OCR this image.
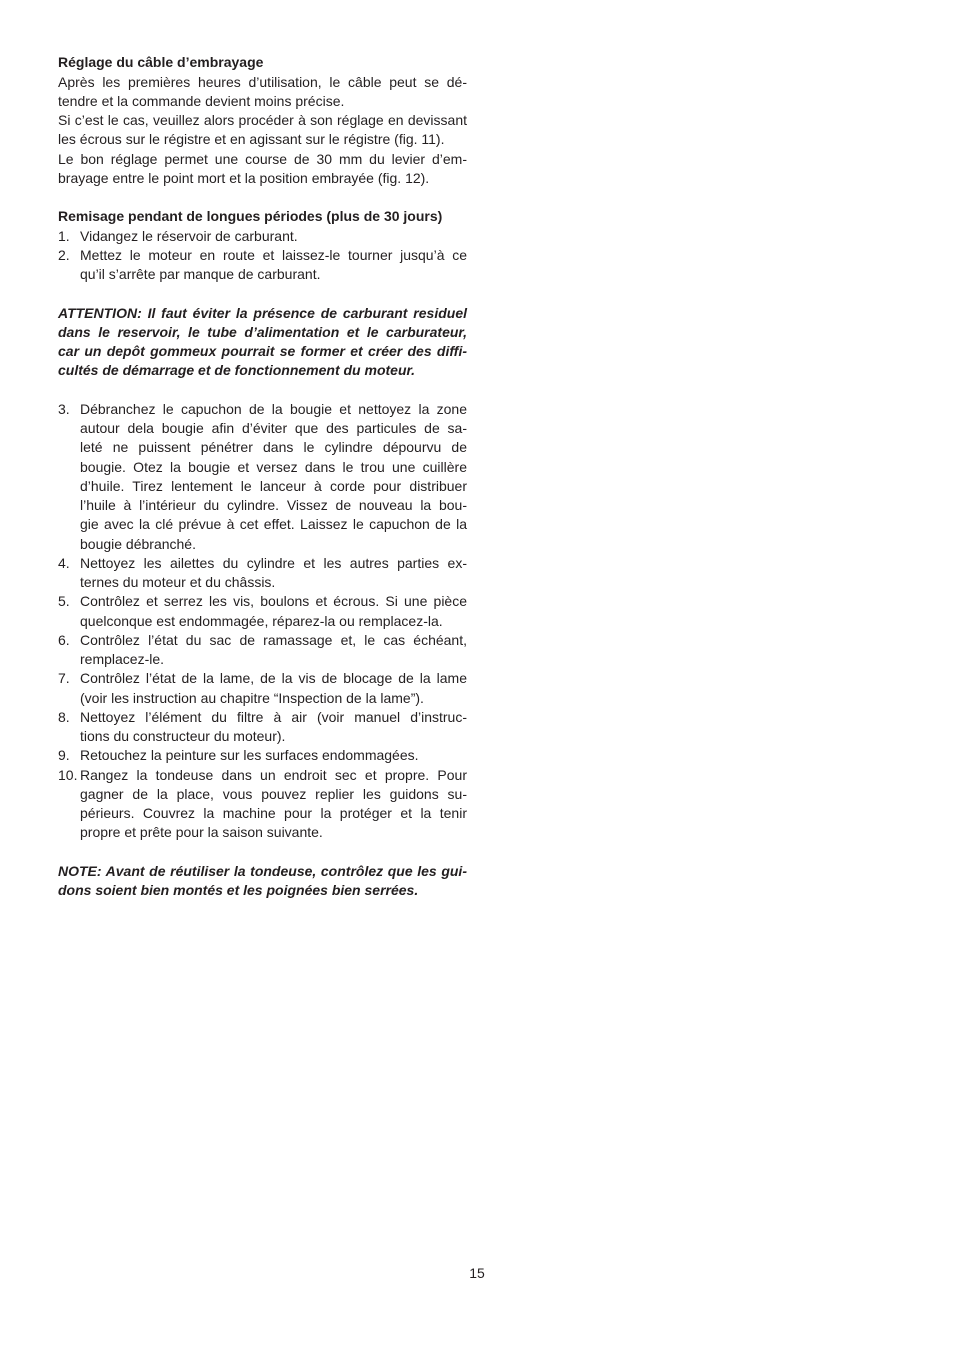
Réglage du câble d’embrayage
Après les premières heures d’utilisation, le câble peut se dé-
tendre et la commande devient moins précise.
Si c’est le cas, veuillez alors procéder à son réglage en devissant
les écrous sur le régistre et en agissant sur le régistre (fig. 11).
Le bon réglage permet une course de 30 mm du levier d’em-
brayage entre le point mort et la position embrayée (fig. 12).
Remisage pendant de longues périodes (plus de 30 jours)
1. Vidangez le réservoir de carburant.
2. Mettez le moteur en route et laissez-le tourner jusqu’à ce
qu’il s’arrête par manque de carburant.
ATTENTION: Il faut éviter la présence de carburant residuel
dans le reservoir, le tube d’alimentation et le carburateur,
car un depôt gommeux pourrait se former et créer des diffi-
cultés de démarrage et de fonctionnement du moteur.
3. Débranchez le capuchon de la bougie et nettoyez la zone
autour dela bougie afin d’éviter que des particules de sa-
leté ne puissent pénétrer dans le cylindre dépourvu de
bougie. Otez la bougie et versez dans le trou une cuillère
d’huile. Tirez lentement le lanceur à corde pour distribuer
l’huile à l’intérieur du cylindre. Vissez de nouveau la bou-
gie avec la clé prévue à cet effet. Laissez le capuchon de la
bougie débranché.
4. Nettoyez les ailettes du cylindre et les autres parties ex-
ternes du moteur et du châssis.
5. Contrôlez et serrez les vis, boulons et écrous. Si une pièce
quelconque est endommagée, réparez-la ou remplacez-la.
6. Contrôlez l’état du sac de ramassage et, le cas échéant,
remplacez-le.
7. Contrôlez l’état de la lame, de la vis de blocage de la lame
(voir les instruction au chapitre “Inspection de la lame”).
8. Nettoyez l’élément du filtre à air (voir manuel d’instruc-
tions du constructeur du moteur).
9. Retouchez la peinture sur les surfaces endommagées.
10. Rangez la tondeuse dans un endroit sec et propre. Pour
gagner de la place, vous pouvez replier les guidons su-
périeurs. Couvrez la machine pour la protéger et la tenir
propre et prête pour la saison suivante.
NOTE: Avant de réutiliser la tondeuse, contrôlez que les gui-
dons soient bien montés et les poignées bien serrées.
15
